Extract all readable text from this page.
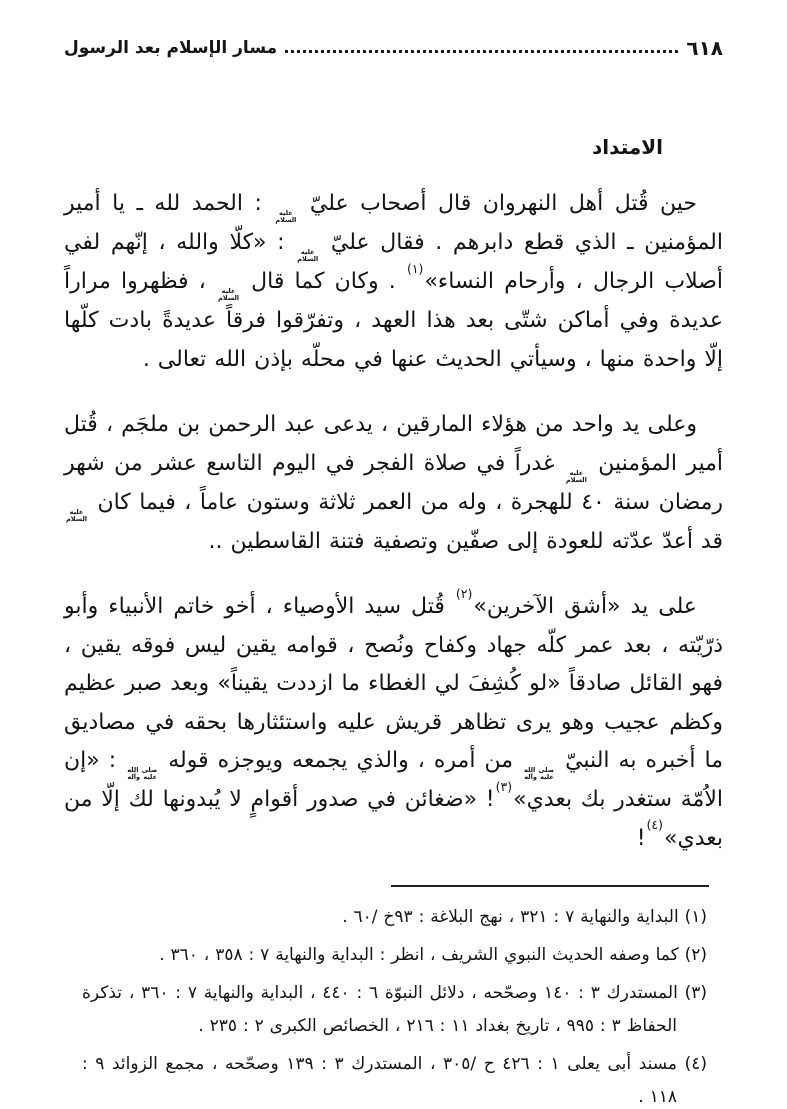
٦١٨
مسار الإسلام بعد الرسول
الامتداد

حين قُتل أهل النهروان قال أصحاب عليّ
عليه
السلام
: الحمد لله ـ يا أمير المؤمنين ـ الذي قطع دابرهم . فقال عليّ
عليه
السلام
: «كلّا والله ، إنّهم لفي أصلاب الرجال ، وأرحام النساء»$^{(١)}$ . وكان كما قال
عليه
السلام
، فظهروا مراراً عديدة وفي أماكن شتّى بعد هذا العهد ، وتفرّقوا فرقاً عديدةً بادت كلّها إلّا واحدة منها ، وسيأتي الحديث عنها في محلّه بإذن الله تعالى .

وعلى يد واحد من هؤلاء المارقين ، يدعى عبد الرحمن بن ملجَم ، قُتل أمير المؤمنين
عليه
السلام
غدراً في صلاة الفجر في اليوم التاسع عشر من شهر رمضان سنة ٤٠ للهجرة ، وله من العمر ثلاثة وستون عاماً ، فيما كان
عليه
السلام
قد أعدّ عدّته للعودة إلى صفّين وتصفية فتنة القاسطين ..

على يد «أشق الآخرين»$^{(٢)}$ قُتل سيد الأوصياء ، أخو خاتم الأنبياء وأبو ذرّيّته ، بعد عمر كلّه جهاد وكفاح ونُصح ، قوامه يقين ليس فوقه يقين ، فهو القائل صادقاً «لو كُشِفَ لي الغطاء ما ازددت يقيناً» وبعد صبر عظيم وكظم عجيب وهو يرى تظاهر قريش عليه واستئثارها بحقه في مصاديق ما أخبره به النبيّ
صلى الله
عليه وآله
من أمره ، والذي يجمعه ويوجزه قوله
صلى الله
عليه وآله
: «إن الاُمّة ستغدر بك بعدي»$^{(٣)}$! «ضغائن في صدور أقوامٍ لا يُبدونها لك إلّا من بعدي»$^{(٤)}$!

(١) البداية والنهاية ٧ : ٣٢١ ، نهج البلاغة : ٩٣خ /٦٠ .

(٢) كما وصفه الحديث النبوي الشريف ، انظر : البداية والنهاية ٧ : ٣٥٨ ، ٣٦٠ .

(٣) المستدرك ٣ : ١٤٠ وصحّحه ، دلائل النبوّة ٦ : ٤٤٠ ، البداية والنهاية ٧ : ٣٦٠ ، تذكرة الحفاظ ٣ : ٩٩٥ ، تاريخ بغداد ١١ : ٢١٦ ، الخصائص الكبرى ٢ : ٢٣٥ .

(٤) مسند أبى يعلى ١ : ٤٢٦ ح /٣٠٥ ، المستدرك ٣ : ١٣٩ وصحّحه ، مجمع الزوائد ٩ : ١١٨ .
